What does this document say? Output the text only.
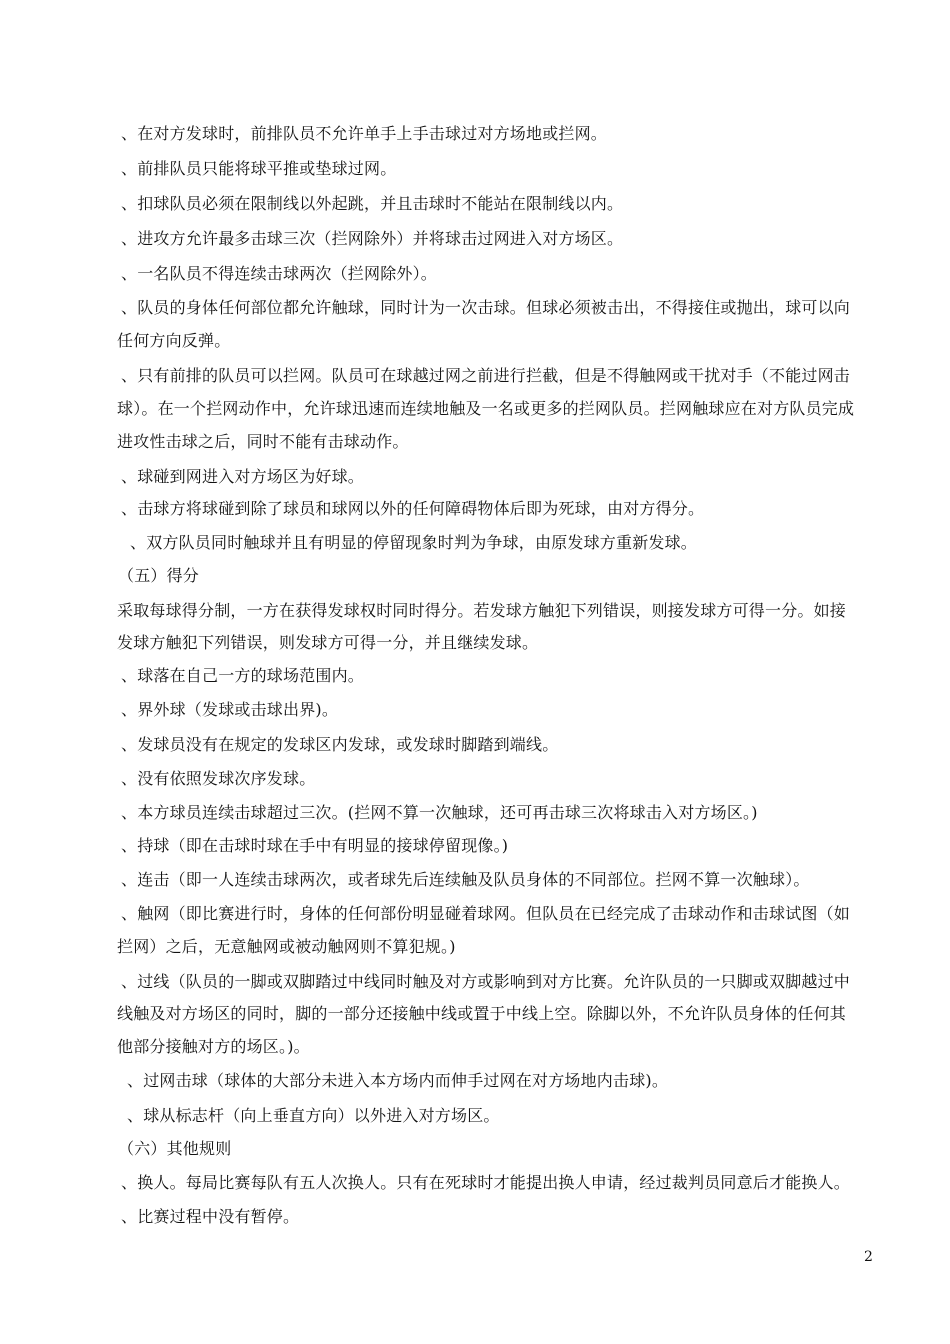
、在对方发球时，前排队员不允许单手上手击球过对方场地或拦网。
、前排队员只能将球平推或垫球过网。
、扣球队员必须在限制线以外起跳，并且击球时不能站在限制线以内。
、进攻方允许最多击球三次（拦网除外）并将球击过网进入对方场区。
、一名队员不得连续击球两次（拦网除外）。
、队员的身体任何部位都允许触球，同时计为一次击球。但球必须被击出，不得接住或抛出，球可以向
任何方向反弹。
、只有前排的队员可以拦网。队员可在球越过网之前进行拦截，但是不得触网或干扰对手（不能过网击
球）。在一个拦网动作中，允许球迅速而连续地触及一名或更多的拦网队员。拦网触球应在对方队员完成
进攻性击球之后，同时不能有击球动作。
、球碰到网进入对方场区为好球。
、击球方将球碰到除了球员和球网以外的任何障碍物体后即为死球，由对方得分。
、双方队员同时触球并且有明显的停留现象时判为争球，由原发球方重新发球。
（五）得分
采取每球得分制，一方在获得发球权时同时得分。若发球方触犯下列错误，则接发球方可得一分。如接
发球方触犯下列错误，则发球方可得一分，并且继续发球。
、球落在自己一方的球场范围内。
、界外球（发球或击球出界)。
、发球员没有在规定的发球区内发球，或发球时脚踏到端线。
、没有依照发球次序发球。
、本方球员连续击球超过三次。(拦网不算一次触球，还可再击球三次将球击入对方场区。)
、持球（即在击球时球在手中有明显的接球停留现像。)
、连击（即一人连续击球两次，或者球先后连续触及队员身体的不同部位。拦网不算一次触球）。
、触网（即比赛进行时，身体的任何部份明显碰着球网。但队员在已经完成了击球动作和击球试图（如
拦网）之后，无意触网或被动触网则不算犯规。)
、过线（队员的一脚或双脚踏过中线同时触及对方或影响到对方比赛。允许队员的一只脚或双脚越过中
线触及对方场区的同时，脚的一部分还接触中线或置于中线上空。除脚以外，不允许队员身体的任何其
他部分接触对方的场区。)。
、过网击球（球体的大部分未进入本方场内而伸手过网在对方场地内击球)。
、球从标志杆（向上垂直方向）以外进入对方场区。
（六）其他规则
、换人。每局比赛每队有五人次换人。只有在死球时才能提出换人申请，经过裁判员同意后才能换人。
、比赛过程中没有暂停。
2
